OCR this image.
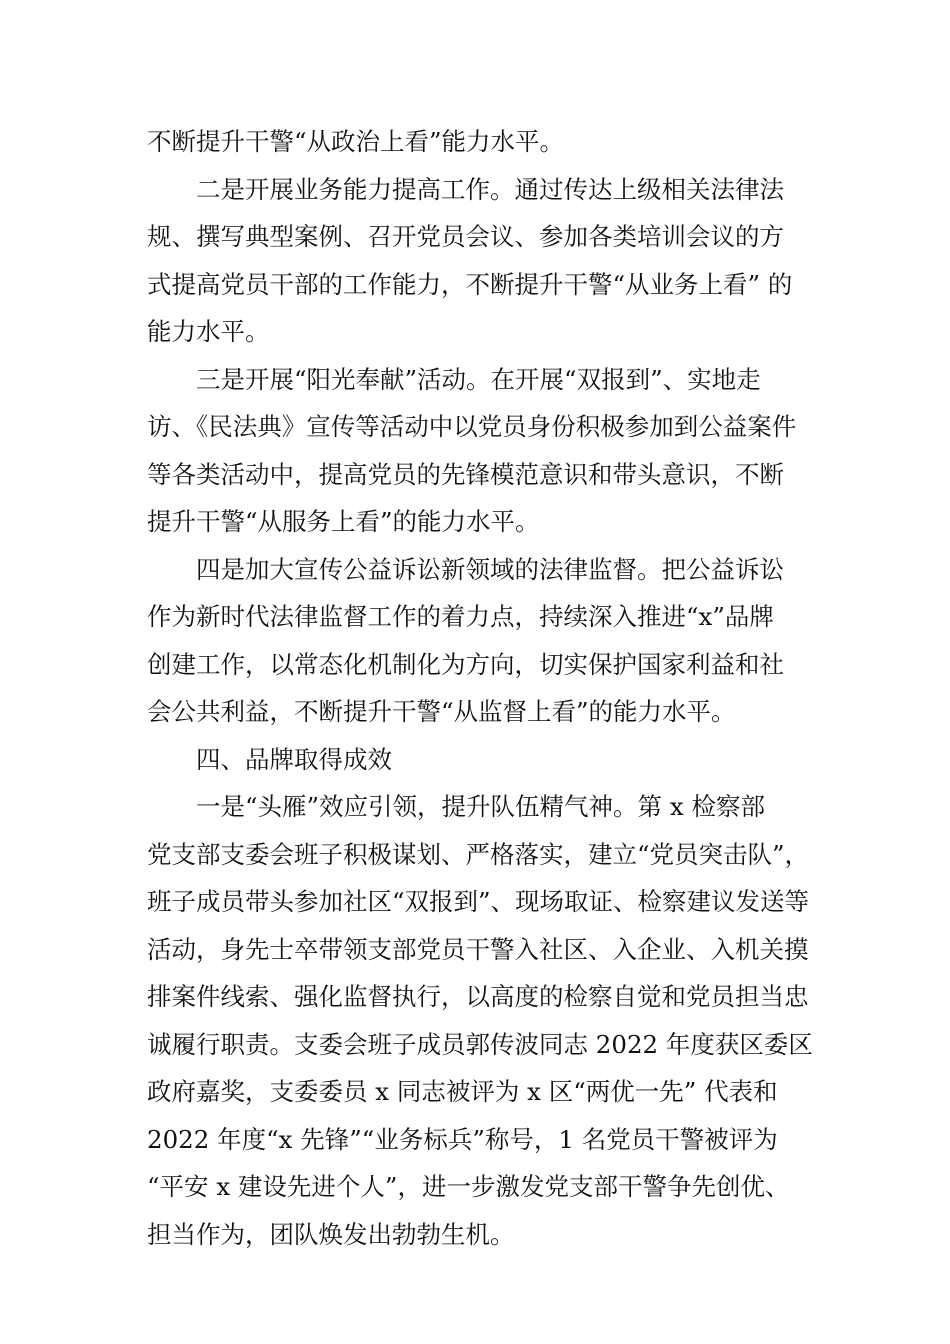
不断提升干警“从政治上看”能力水平。
二是开展业务能力提高工作。通过传达上级相关法律法
规、撰写典型案例、召开党员会议、参加各类培训会议的方
式提高党员干部的工作能力，不断提升干警“从业务上看” 的
能力水平。
三是开展“阳光奉献”活动。在开展“双报到”、实地走
访、《民法典》宣传等活动中以党员身份积极参加到公益案件
等各类活动中，提高党员的先锋模范意识和带头意识，不断
提升干警“从服务上看”的能力水平。
四是加大宣传公益诉讼新领域的法律监督。把公益诉讼
作为新时代法律监督工作的着力点，持续深入推进“x”品牌
创建工作，以常态化机制化为方向，切实保护国家利益和社
会公共利益，不断提升干警“从监督上看”的能力水平。
四、品牌取得成效
一是“头雁”效应引领，提升队伍精气神。第 x 检察部
党支部支委会班子积极谋划、严格落实，建立“党员突击队”，
班子成员带头参加社区“双报到”、现场取证、检察建议发送等
活动，身先士卒带领支部党员干警入社区、入企业、入机关摸
排案件线索、强化监督执行，以高度的检察自觉和党员担当忠
诚履行职责。支委会班子成员郭传波同志 2022 年度获区委区
政府嘉奖，支委委员 x 同志被评为 x 区“两优一先” 代表和
2022 年度“x 先锋”“业务标兵”称号，1 名党员干警被评为
“平安 x 建设先进个人”，进一步激发党支部干警争先创优、
担当作为，团队焕发出勃勃生机。
